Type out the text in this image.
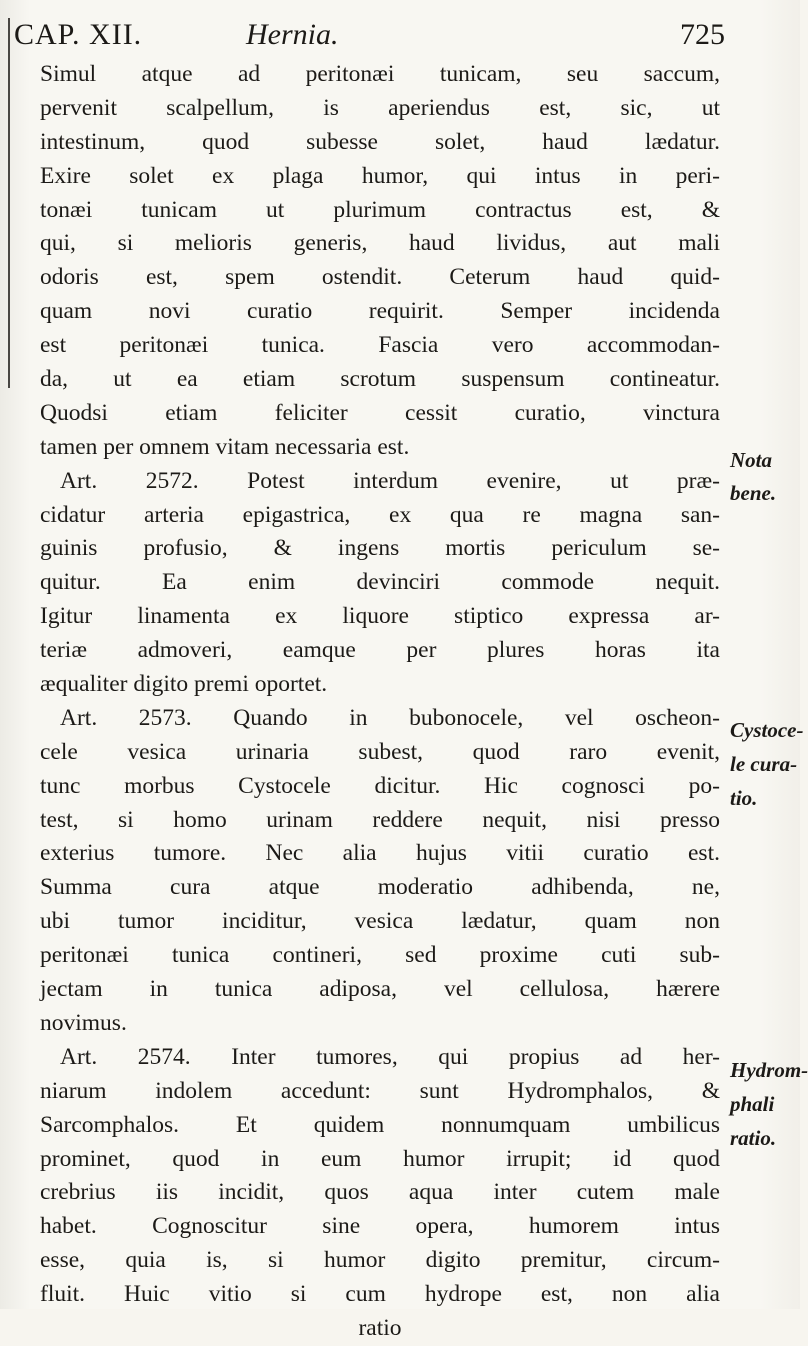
CAP. XII.	Hernia.	725
Simul atque ad peritonæi tunicam, seu saccum,
pervenit scalpellum, is aperiendus est, sic, ut
intestinum, quod subesse solet, haud lædatur.
Exire solet ex plaga humor, qui intus in peri-
tonæi tunicam ut plurimum contractus est, &
qui, si melioris generis, haud lividus, aut mali
odoris est, spem ostendit. Ceterum haud quid-
quam novi curatio requirit. Semper incidenda
est peritonæi tunica. Fascia vero accommodan-
da, ut ea etiam scrotum suspensum contineatur.
Quodsi etiam feliciter cessit curatio, vinctura
tamen per omnem vitam necessaria est.
Art. 2572. Potest interdum evenire, ut præ-
cidatur arteria epigastrica, ex qua re magna san-
guinis profusio, & ingens mortis periculum se-
quitur. Ea enim devinciri commode nequit.
Igitur linamenta ex liquore stiptico expressa ar-
teriæ admoveri, eamque per plures horas ita
æqualiter digito premi oportet.
Art. 2573. Quando in bubonocele, vel oscheon-
cele vesica urinaria subest, quod raro evenit,
tunc morbus Cystocele dicitur. Hic cognosci po-
test, si homo urinam reddere nequit, nisi presso
exterius tumore. Nec alia hujus vitii curatio est.
Summa cura atque moderatio adhibenda, ne,
ubi tumor inciditur, vesica lædatur, quam non
peritonæi tunica contineri, sed proxime cuti sub-
jectam in tunica adiposa, vel cellulosa, hærere
novimus.
Art. 2574. Inter tumores, qui propius ad her-
niarum indolem accedunt: sunt Hydromphalos, &
Sarcomphalos. Et quidem nonnumquam umbilicus
prominet, quod in eum humor irrupit; id quod
crebrius iis incidit, quos aqua inter cutem male
habet. Cognoscitur sine opera, humorem intus
esse, quia is, si humor digito premitur, circum-
fluit. Huic vitio si cum hydrope est, non alia
ratio
Nota
bene.
Cystoce-
le cura-
tio.
Hydrom-
phali
ratio.
